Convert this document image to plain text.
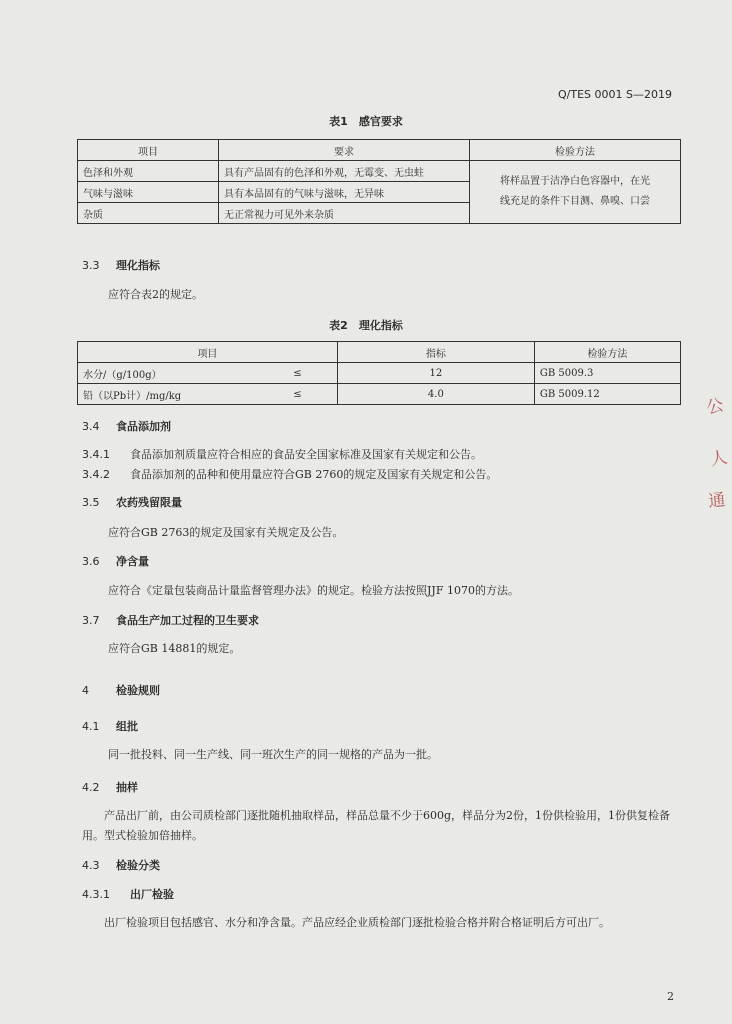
Q/TES 0001 S—2019
表1　感官要求
项目	要求	检验方法
色泽和外观	具有产品固有的色泽和外观，无霉变、无虫蛀	将样品置于洁净白色容器中，在光
线充足的条件下目测、鼻嗅、口尝

气味与滋味	具有本品固有的气味与滋味，无异味	
杂质	无正常视力可见外来杂质	
3.3 理化指标
应符合表2的规定。
表2　理化指标
项目		指标	检验方法
水分/（g/100g）	≤	12	GB 5009.3
铅（以Pb计）/mg/kg	≤	4.0	GB 5009.12
3.4 食品添加剂
3.4.1 食品添加剂质量应符合相应的食品安全国家标准及国家有关规定和公告。
3.4.2 食品添加剂的品种和使用量应符合GB 2760的规定及国家有关规定和公告。
3.5 农药残留限量
应符合GB 2763的规定及国家有关规定及公告。
3.6 净含量
应符合《定量包装商品计量监督管理办法》的规定。检验方法按照JJF 1070的方法。
3.7 食品生产加工过程的卫生要求
应符合GB 14881的规定。
4 检验规则
4.1 组批
同一批投料、同一生产线、同一班次生产的同一规格的产品为一批。
4.2 抽样
产品出厂前，由公司质检部门逐批随机抽取样品，样品总量不少于600g，样品分为2份，1份供检验用，1份供复检备用。型式检验加倍抽样。
4.3 检验分类
4.3.1 出厂检验
出厂检验项目包括感官、水分和净含量。产品应经企业质检部门逐批检验合格并附合格证明后方可出厂。
公
人
通
2
